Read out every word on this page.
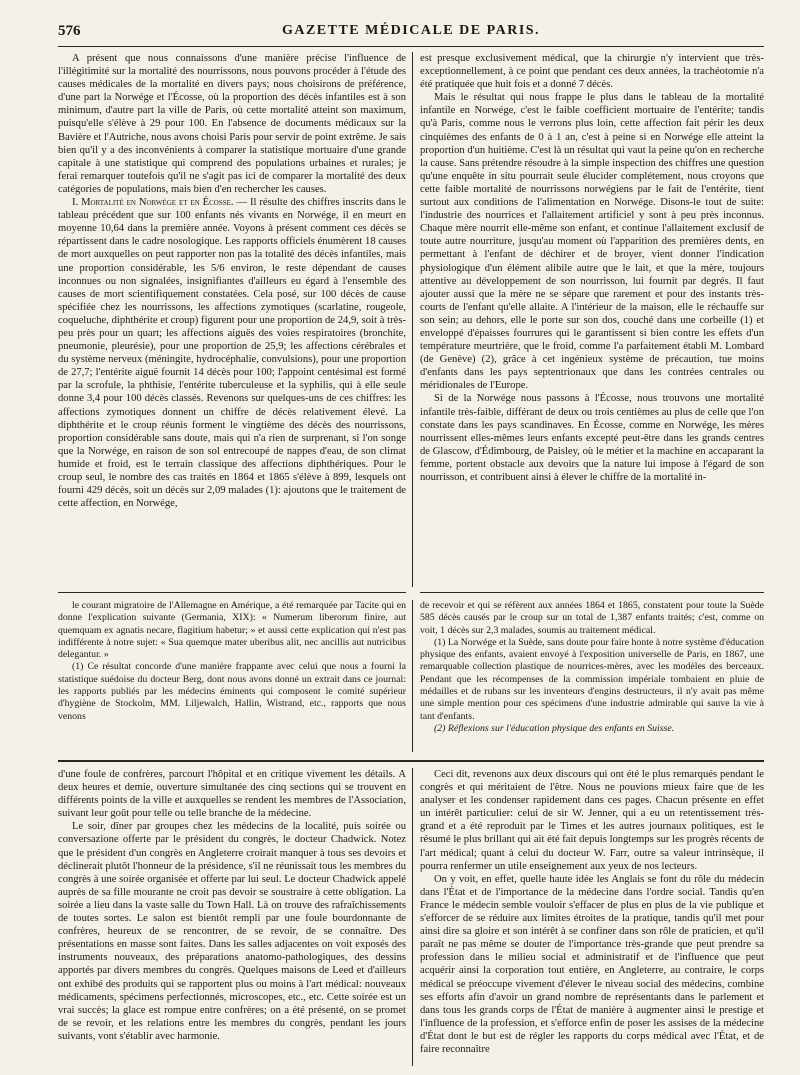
576	GAZETTE MÉDICALE DE PARIS.

A présent que nous connaissons d'une manière précise l'influence de l'illégitimité sur la mortalité des nourrissons, nous pouvons procéder à l'étude des causes médicales de la mortalité en divers pays; nous choisirons de préférence, d'une part la Norwége et l'Écosse, où la proportion des décès infantiles est à son minimum, d'autre part la ville de Paris, où cette mortalité atteint son maximum, puisqu'elle s'élève à 29 pour 100. En l'absence de documents médicaux sur la Bavière et l'Autriche, nous avons choisi Paris pour servir de point extrême. Je sais bien qu'il y a des inconvénients à comparer la statistique mortuaire d'une grande capitale à une statistique qui comprend des populations urbaines et rurales; je ferai remarquer toutefois qu'il ne s'agit pas ici de comparer la mortalité des deux catégories de populations, mais bien d'en rechercher les causes.

I. Mortalité en Norwége et en Écosse. — Il résulte des chiffres inscrits dans le tableau précédent que sur 100 enfants nés vivants en Norwége, il en meurt en moyenne 10,64 dans la première année. Voyons à présent comment ces décès se répartissent dans le cadre nosologique. Les rapports officiels énumèrent 18 causes de mort auxquelles on peut rapporter non pas la totalité des décès infantiles, mais une proportion considérable, les 5/6 environ, le reste dépendant de causes inconnues ou non signalées, insignifiantes d'ailleurs eu égard à l'ensemble des causes de mort scientifiquement constatées. Cela posé, sur 100 décès de cause spécifiée chez les nourrissons, les affections zymotiques (scarlatine, rougeole, coqueluche, diphthérite et croup) figurent pour une proportion de 24,9, soit à très-peu près pour un quart; les affections aiguës des voies respiratoires (bronchite, pneumonie, pleurésie), pour une proportion de 25,9; les affections cérébrales et du système nerveux (méningite, hydrocéphalie, convulsions), pour une proportion de 27,7; l'entérite aiguë fournit 14 décès pour 100; l'appoint centésimal est formé par la scrofule, la phthisie, l'entérite tuberculeuse et la syphilis, qui à elle seule donne 3,4 pour 100 décès classés. Revenons sur quelques-uns de ces chiffres: les affections zymotiques donnent un chiffre de décès relativement élevé. La diphthérite et le croup réunis forment le vingtième des décès des nourrissons, proportion considérable sans doute, mais qui n'a rien de surprenant, si l'on songe que la Norwége, en raison de son sol entrecoupé de nappes d'eau, de son climat humide et froid, est le terrain classique des affections diphthériques. Pour le croup seul, le nombre des cas traités en 1864 et 1865 s'élève à 899, lesquels ont fourni 429 décès, soit un décès sur 2,09 malades (1): ajoutons que le traitement de cette affection, en Norwége,

est presque exclusivement médical, que la chirurgie n'y intervient que très-exceptionnellement, à ce point que pendant ces deux années, la trachéotomie n'a été pratiquée que huit fois et a donné 7 décès.

Mais le résultat qui nous frappe le plus dans le tableau de la mortalité infantile en Norwége, c'est le faible coefficient mortuaire de l'entérite; tandis qu'à Paris, comme nous le verrons plus loin, cette affection fait périr les deux cinquièmes des enfants de 0 à 1 an, c'est à peine si en Norwége elle atteint la proportion d'un huitième. C'est là un résultat qui vaut la peine qu'on en recherche la cause. Sans prétendre résoudre à la simple inspection des chiffres une question qu'une enquête in situ pourrait seule élucider complétement, nous croyons que cette faible mortalité de nourrissons norwégiens par le fait de l'entérite, tient surtout aux conditions de l'alimentation en Norwége. Disons-le tout de suite: l'industrie des nourrices et l'allaitement artificiel y sont à peu près inconnus. Chaque mère nourrit elle-même son enfant, et continue l'allaitement exclusif de toute autre nourriture, jusqu'au moment où l'apparition des premières dents, en permettant à l'enfant de déchirer et de broyer, vient donner l'indication physiologique d'un élément alibile autre que le lait, et que la mère, toujours attentive au développement de son nourrisson, lui fournit par degrés. Il faut ajouter aussi que la mère ne se sépare que rarement et pour des instants très-courts de l'enfant qu'elle allaite. A l'intérieur de la maison, elle le réchauffe sur son sein; au dehors, elle le porte sur son dos, couché dans une corbeille (1) et enveloppé d'épaisses fourrures qui le garantissent si bien contre les effets d'un température meurtrière, que le froid, comme l'a parfaitement établi M. Lombard (de Genève) (2), grâce à cet ingénieux système de précaution, tue moins d'enfants dans les pays septentrionaux que dans les contrées centrales ou méridionales de l'Europe.

Si de la Norwége nous passons à l'Écosse, nous trouvons une mortalité infantile très-faible, différant de deux ou trois centièmes au plus de celle que l'on constate dans les pays scandinaves. En Écosse, comme en Norwége, les mères nourrissent elles-mêmes leurs enfants excepté peut-être dans les grands centres de Glascow, d'Édimbourg, de Paisley, où le métier et la machine en accaparant la femme, portent obstacle aux devoirs que la nature lui impose à l'égard de son nourrisson, et contribuent ainsi à élever le chiffre de la mortalité in-

le courant migratoire de l'Allemagne en Amérique, a été remarquée par Tacite qui en donne l'explication suivante (Germania, XIX): « Numerum liberorum finire, aut quemquam ex agnatis necare, flagitium habetur; » et aussi cette explication qui n'est pas indifférente à notre sujet: « Sua quemque mater uberibus alit, nec ancillis aut nutricibus delegantur. »

(1) Ce résultat concorde d'une manière frappante avec celui que nous a fourni la statistique suédoise du docteur Berg, dont nous avons donné un extrait dans ce journal: les rapports publiés par les médecins éminents qui composent le comité supérieur d'hygiène de Stockolm, MM. Liljewalch, Hallin, Wistrand, etc., rapports que nous venons

de recevoir et qui se réfèrent aux années 1864 et 1865, constatent pour toute la Suède 585 décès causés par le croup sur un total de 1,387 enfants traités; c'est, comme on voit, 1 décès sur 2,3 malades, soumis au traitement médical.

(1) La Norwége et la Suède, sans doute pour faire honte à notre système d'éducation physique des enfants, avaient envoyé à l'exposition universelle de Paris, en 1867, une remarquable collection plastique de nourrices-mères, avec les modèles des berceaux. Pendant que les récompenses de la commission impériale tombaient en pluie de médailles et de rubans sur les inventeurs d'engins destructeurs, il n'y avait pas même une simple mention pour ces spécimens d'une industrie admirable qui sauve la vie à tant d'enfants.

(2) Réflexions sur l'éducation physique des enfants en Suisse.

d'une foule de confrères, parcourt l'hôpital et en critique vivement les détails. A deux heures et demie, ouverture simultanée des cinq sections qui se trouvent en différents points de la ville et auxquelles se rendent les membres de l'Association, suivant leur goût pour telle ou telle branche de la médecine.

Le soir, dîner par groupes chez les médecins de la localité, puis soirée ou conversazione offerte par le président du congrès, le docteur Chadwick. Notez que le président d'un congrès en Angleterre croirait manquer à tous ses devoirs et déclinerait plutôt l'honneur de la présidence, s'il ne réunissait tous les membres du congrès à une soirée organisée et offerte par lui seul. Le docteur Chadwick appelé auprès de sa fille mourante ne croit pas devoir se soustraire à cette obligation. La soirée a lieu dans la vaste salle du Town Hall. Là on trouve des rafraîchissements de toutes sortes. Le salon est bientôt rempli par une foule bourdonnante de confrères, heureux de se rencontrer, de se revoir, de se connaître. Des présentations en masse sont faites. Dans les salles adjacentes on voit exposés des instruments nouveaux, des préparations anatomo-pathologiques, des dessins apportés par divers membres du congrès. Quelques maisons de Leed et d'ailleurs ont exhibé des produits qui se rapportent plus ou moins à l'art médical: nouveaux médicaments, spécimens perfectionnés, microscopes, etc., etc. Cette soirée est un vrai succès; la glace est rompue entre confrères; on a été présenté, on se promet de se revoir, et les relations entre les membres du congrès, pendant les jours suivants, vont s'établir avec harmonie.

Ceci dit, revenons aux deux discours qui ont été le plus remarqués pendant le congrès et qui méritaient de l'être. Nous ne pouvions mieux faire que de les analyser et les condenser rapidement dans ces pages. Chacun présente en effet un intérêt particulier: celui de sir W. Jenner, qui a eu un retentissement très-grand et a été reproduit par le Times et les autres journaux politiques, est le résumé le plus brillant qui ait été fait depuis longtemps sur les progrès récents de l'art médical; quant à celui du docteur W. Farr, outre sa valeur intrinsèque, il pourra renfermer un utile enseignement aux yeux de nos lecteurs.

On y voit, en effet, quelle haute idée les Anglais se font du rôle du médecin dans l'État et de l'importance de la médecine dans l'ordre social. Tandis qu'en France le médecin semble vouloir s'effacer de plus en plus de la vie publique et s'efforcer de se réduire aux limites étroites de la pratique, tandis qu'il met pour ainsi dire sa gloire et son intérêt à se confiner dans son rôle de praticien, et qu'il paraît ne pas même se douter de l'importance très-grande que peut prendre sa profession dans le milieu social et administratif et de l'influence que peut acquérir ainsi la corporation tout entière, en Angleterre, au contraire, le corps médical se préoccupe vivement d'élever le niveau social des médecins, combine ses efforts afin d'avoir un grand nombre de représentants dans le parlement et dans tous les grands corps de l'État de manière à augmenter ainsi le prestige et l'influence de la profession, et s'efforce enfin de poser les assises de la médecine d'État dont le but est de régler les rapports du corps médical avec l'État, et de faire reconnaître
